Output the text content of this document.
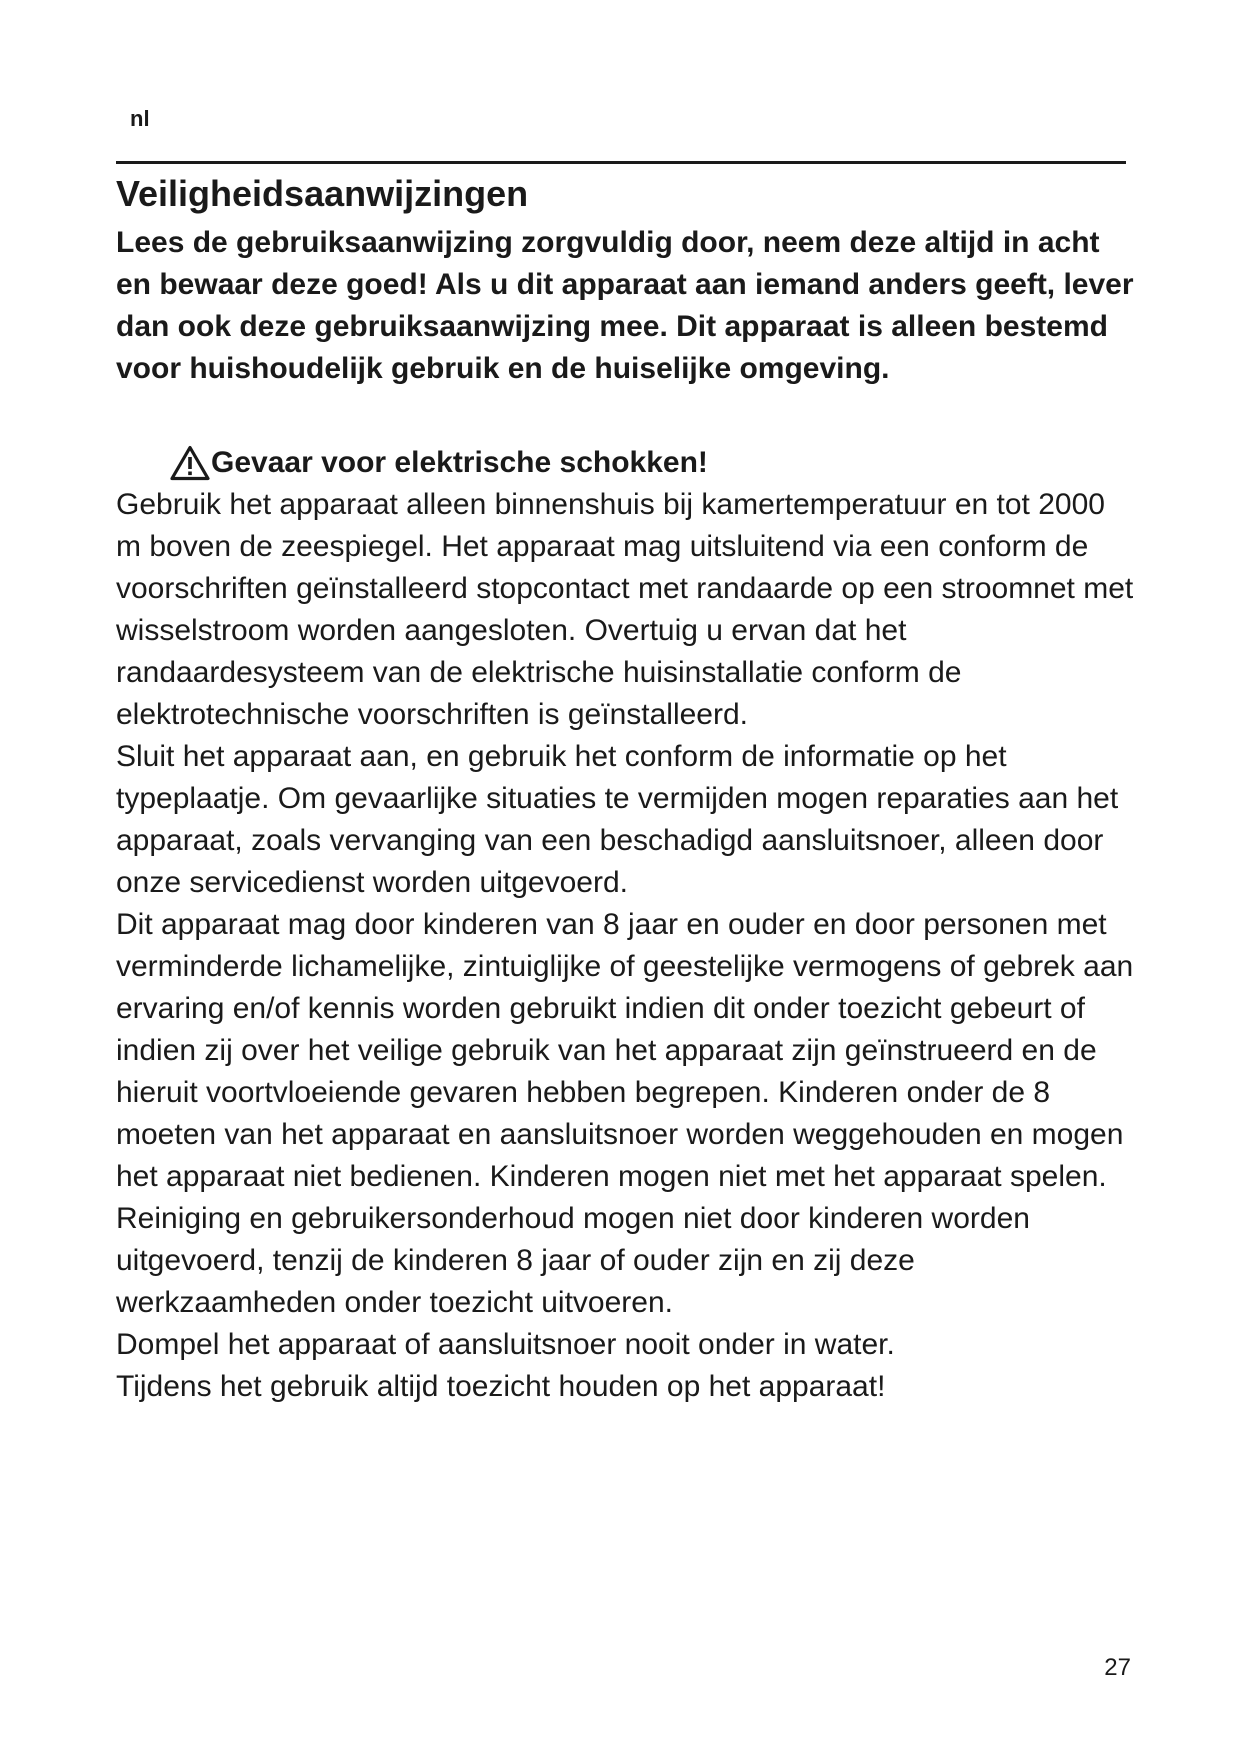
nl
Veiligheidsaanwijzingen

Lees de gebruiksaanwijzing zorgvuldig door, neem deze altijd in acht en bewaar deze goed! Als u dit apparaat aan iemand anders geeft, lever dan ook deze gebruiksaanwijzing mee. Dit apparaat is alleen bestemd voor huishoudelijk gebruik en de huiselijke omgeving.

Gevaar voor elektrische schokken!

Gebruik het apparaat alleen binnenshuis bij kamertemperatuur en tot 2000 m boven de zeespiegel. Het apparaat mag uitsluitend via een conform de voorschriften geïnstalleerd stopcontact met randaarde op een stroomnet met wisselstroom worden aangesloten. Overtuig u ervan dat het randaardesysteem van de elektrische huisinstallatie conform de elektrotechnische voorschriften is geïnstalleerd.

Sluit het apparaat aan, en gebruik het conform de informatie op het typeplaatje. Om gevaarlijke situaties te vermijden mogen reparaties aan het apparaat, zoals vervanging van een beschadigd aansluitsnoer, alleen door onze servicedienst worden uitgevoerd.

Dit apparaat mag door kinderen van 8 jaar en ouder en door personen met verminderde lichamelijke, zintuiglijke of geestelijke vermogens of gebrek aan ervaring en/of kennis worden gebruikt indien dit onder toezicht gebeurt of indien zij over het veilige gebruik van het apparaat zijn geïnstrueerd en de hieruit voortvloeiende gevaren hebben begrepen. Kinderen onder de 8 moeten van het apparaat en aansluitsnoer worden weggehouden en mogen het apparaat niet bedienen. Kinderen mogen niet met het apparaat spelen.

Reiniging en gebruikersonderhoud mogen niet door kinderen worden uitgevoerd, tenzij de kinderen 8 jaar of ouder zijn en zij deze werkzaamheden onder toezicht uitvoeren.

Dompel het apparaat of aansluitsnoer nooit onder in water.

Tijdens het gebruik altijd toezicht houden op het apparaat!

27
